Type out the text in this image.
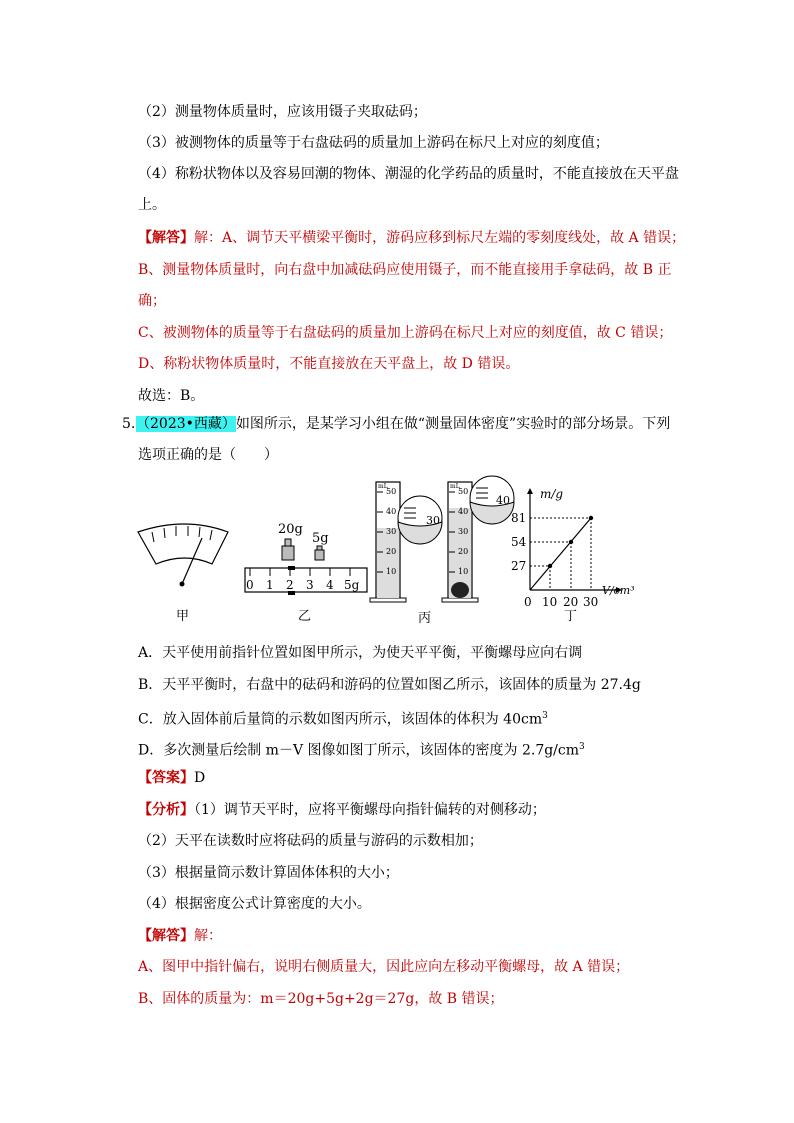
（2）测量物体质量时，应该用镊子夹取砝码；
（3）被测物体的质量等于右盘砝码的质量加上游码在标尺上对应的刻度值；
（4）称粉状物体以及容易回潮的物体、潮湿的化学药品的质量时，不能直接放在天平盘
上。
【解答】解：A、调节天平横梁平衡时，游码应移到标尺左端的零刻度线处，故 A 错误；
B、测量物体质量时，向右盘中加减砝码应使用镊子，而不能直接用手拿砝码，故 B 正
确；
C、被测物体的质量等于右盘砝码的质量加上游码在标尺上对应的刻度值，故 C 错误；
D、称粉状物体质量时，不能直接放在天平盘上，故 D 错误。
故选：B。
5. （2023•西藏）如图所示，是某学习小组在做“测量固体密度”实验时的部分场景。下列
选项正确的是（　　）
甲
20g
5g
0 1 2 3 4 5g
乙
mL
50
40
30
20
10
30
mL
50
40
30
20
10
40
丙
m/g
V/cm³
81
54
27
0 10 20 30
丁
A．天平使用前指针位置如图甲所示，为使天平平衡，平衡螺母应向右调
B．天平平衡时，右盘中的砝码和游码的位置如图乙所示，该固体的质量为 27.4g
C．放入固体前后量筒的示数如图丙所示，该固体的体积为 $40cm^3$
D．多次测量后绘制 m－V 图像如图丁所示，该固体的密度为 $2.7g/cm^3$
【答案】D
【分析】（1）调节天平时，应将平衡螺母向指针偏转的对侧移动；
（2）天平在读数时应将砝码的质量与游码的示数相加；
（3）根据量筒示数计算固体体积的大小；
（4）根据密度公式计算密度的大小。
【解答】解：
A、图甲中指针偏右，说明右侧质量大，因此应向左移动平衡螺母，故 A 错误；
B、固体的质量为：m＝20g+5g+2g＝27g，故 B 错误；
